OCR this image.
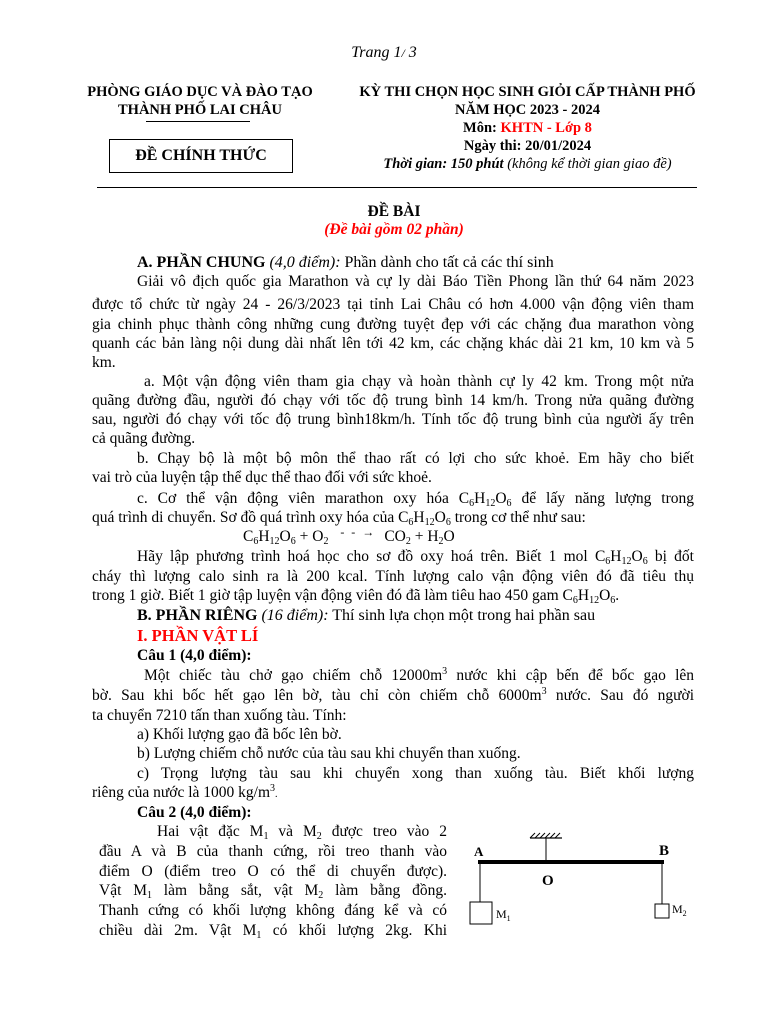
Trang 1/ 3
PHÒNG GIÁO DỤC VÀ ĐÀO TẠO
THÀNH PHỐ LAI CHÂU
ĐỀ CHÍNH THỨC
KỲ THI CHỌN HỌC SINH GIỎI CẤP THÀNH PHỐ
NĂM HỌC 2023 - 2024
Môn: KHTN - Lớp 8
Ngày thi: 20/01/2024
Thời gian: 150 phút (không kể thời gian giao đề)
ĐỀ BÀI
(Đề bài gồm 02 phần)
A. PHẦN CHUNG (4,0 điểm): Phần dành cho tất cả các thí sinh
Giải vô địch quốc gia Marathon và cự ly dài Báo Tiền Phong lần thứ 64 năm 2023
được tổ chức từ ngày 24 - 26/3/2023 tại tỉnh Lai Châu có hơn 4.000 vận động viên tham
gia chinh phục thành công những cung đường tuyệt đẹp với các chặng đua marathon vòng
quanh các bản làng nội dung dài nhất lên tới 42 km, các chặng khác dài 21 km, 10 km và 5
km.
a. Một vận động viên tham gia chạy và hoàn thành cự ly 42 km. Trong một nửa
quãng đường đầu, người đó chạy với tốc độ trung bình 14 km/h. Trong nửa quãng đường
sau, người đó chạy với tốc độ trung bình18km/h. Tính tốc độ trung bình của người ấy trên
cả quãng đường.
b. Chạy bộ là một bộ môn thể thao rất có lợi cho sức khoẻ. Em hãy cho biết
vai trò của luyện tập thể dục thể thao đối với sức khoẻ.
c. Cơ thể vận động viên marathon oxy hóa $C_6H_{12}O_6$ để lấy năng lượng trong
quá trình di chuyển. Sơ đồ quá trình oxy hóa của $C_6H_{12}O_6$ trong cơ thể như sau:
$C_6H_{12}O_6 + O_2$ - - → $CO_2 + H_2O$
Hãy lập phương trình hoá học cho sơ đồ oxy hoá trên. Biết 1 mol $C_6H_{12}O_6$ bị đốt
cháy thì lượng calo sinh ra là 200 kcal. Tính lượng calo vận động viên đó đã tiêu thụ
trong 1 giờ. Biết 1 giờ tập luyện vận động viên đó đã làm tiêu hao 450 gam $C_6H_{12}O_6$.
B. PHẦN RIÊNG (16 điểm): Thí sinh lựa chọn một trong hai phần sau
I. PHẦN VẬT LÍ
Câu 1 (4,0 điểm):
Một chiếc tàu chở gạo chiếm chỗ $12000m^3$ nước khi cập bến để bốc gạo lên
bờ. Sau khi bốc hết gạo lên bờ, tàu chỉ còn chiếm chỗ $6000m^3$ nước. Sau đó người
ta chuyển 7210 tấn than xuống tàu. Tính:
a) Khối lượng gạo đã bốc lên bờ.
b) Lượng chiếm chỗ nước của tàu sau khi chuyển than xuống.
c) Trọng lượng tàu sau khi chuyển xong than xuống tàu. Biết khối lượng
riêng của nước là 1000 $kg/m^3$.
Câu 2 (4,0 điểm):
Hai vật đặc $M_1$ và $M_2$ được treo vào 2
đầu A và B của thanh cứng, rồi treo thanh vào
điểm O (điểm treo O có thể di chuyển được).
Vật $M_1$ làm bằng sắt, vật $M_2$ làm bằng đồng.
Thanh cứng có khối lượng không đáng kể và có
chiều dài 2m. Vật $M_1$ có khối lượng 2kg. Khi
A	B
O
$M_1$
$M_2$
